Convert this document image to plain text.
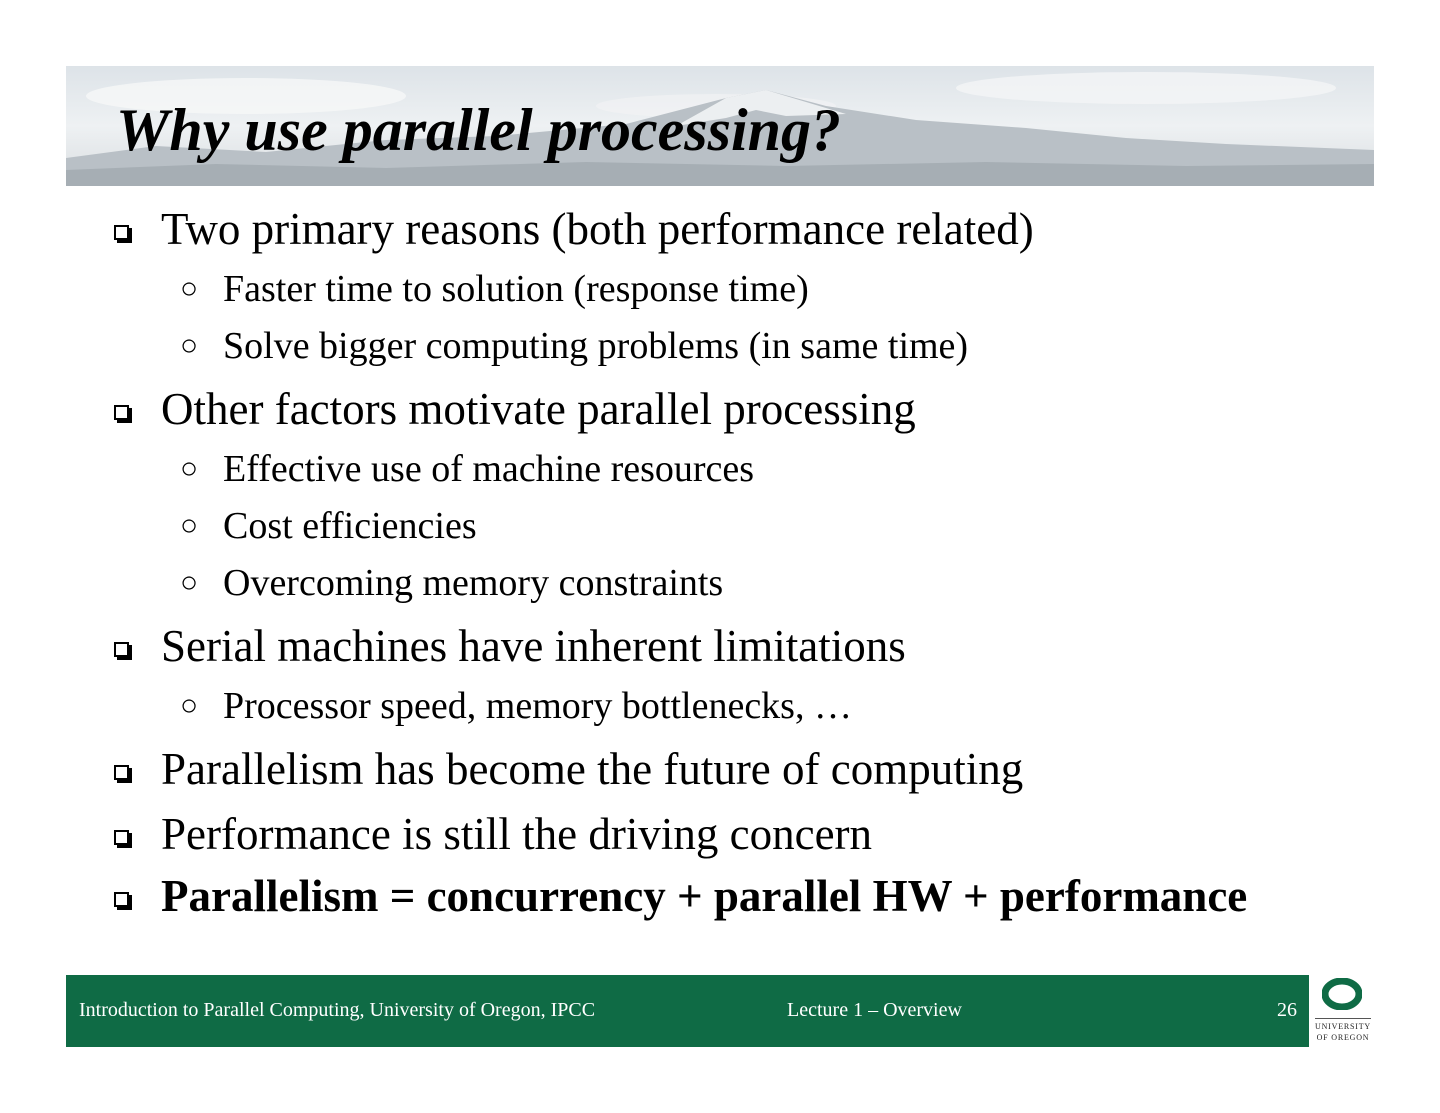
Why use parallel processing?
Two primary reasons (both performance related)
○ Faster time to solution (response time)
○ Solve bigger computing problems (in same time)
Other factors motivate parallel processing
○ Effective use of machine resources
○ Cost efficiencies
○ Overcoming memory constraints
Serial machines have inherent limitations
○ Processor speed, memory bottlenecks, …
Parallelism has become the future of computing
Performance is still the driving concern
Parallelism = concurrency + parallel HW + performance
Introduction to Parallel Computing, University of Oregon, IPCC	Lecture 1 – Overview	26
UNIVERSITY
OF OREGON
